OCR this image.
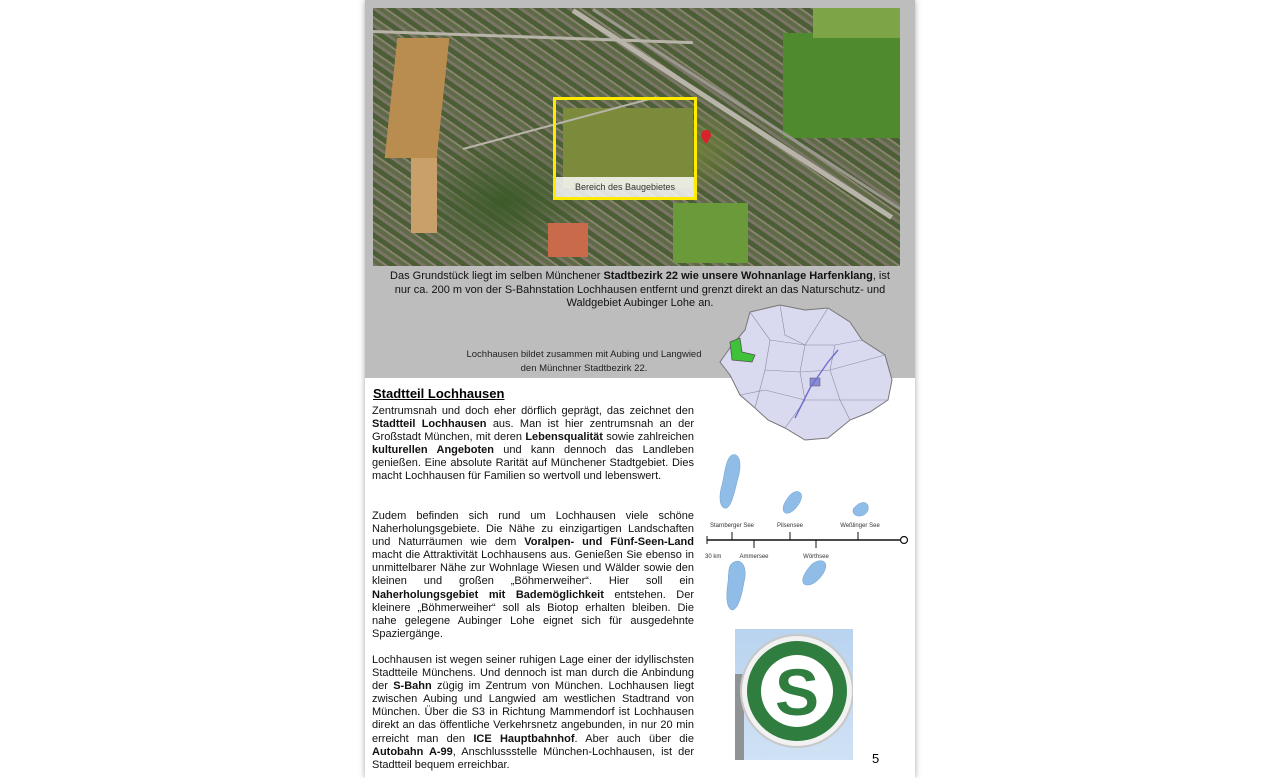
Bereich des Baugebietes
Das Grundstück liegt im selben Münchener Stadtbezirk 22 wie unsere Wohnanlage Harfenklang, ist nur ca. 200 m von der S-Bahnstation Lochhausen entfernt und grenzt direkt an das Naturschutz- und Waldgebiet Aubinger Lohe an.
Lochhausen bildet zusammen mit Aubing und Langwied
den Münchner Stadtbezirk 22.
Zentrumsnah und doch eher dörflich geprägt, das zeichnet den Stadtteil Lochhausen aus. Man ist hier zentrumsnah an der Großstadt München, mit deren Lebensqualität sowie zahlreichen kulturellen Angeboten und kann dennoch das Landleben genießen. Eine absolute Rarität auf Münchener Stadtgebiet. Dies macht Lochhausen für Familien so wertvoll und lebenswert.
Stadtteil Lochhausen
Zudem befinden sich rund um Lochhausen viele schöne Naherholungsgebiete. Die Nähe zu einzigartigen Landschaften und Naturräumen wie dem Voralpen- und Fünf-Seen-Land macht die Attraktivität Lochhausens aus. Genießen Sie ebenso in unmittelbarer Nähe zur Wohnlage Wiesen und Wälder sowie den kleinen und großen „Böhmerweiher“. Hier soll ein Naherholungsgebiet mit Bademöglichkeit entstehen. Der kleinere „Böhmerweiher“ soll als Biotop erhalten bleiben. Die nahe gelegene Aubinger Lohe eignet sich für ausgedehnte Spaziergänge.
Lochhausen ist wegen seiner ruhigen Lage einer der idyllischsten Stadtteile Münchens. Und dennoch ist man durch die Anbindung der S-Bahn zügig im Zentrum von München. Lochhausen liegt zwischen Aubing und Langwied am westlichen Stadtrand von München. Über die S3 in Richtung Mammendorf ist Lochhausen direkt an das öffentliche Verkehrsnetz angebunden, in nur 20 min erreicht man den ICE Hauptbahnhof. Aber auch über die Autobahn A-99, Anschlussstelle München-Lochhausen, ist der Stadtteil bequem erreichbar.
Starnberger See	Pilsensee	Weßlinger See
Ammersee	Wörthsee
30 km
S
5
